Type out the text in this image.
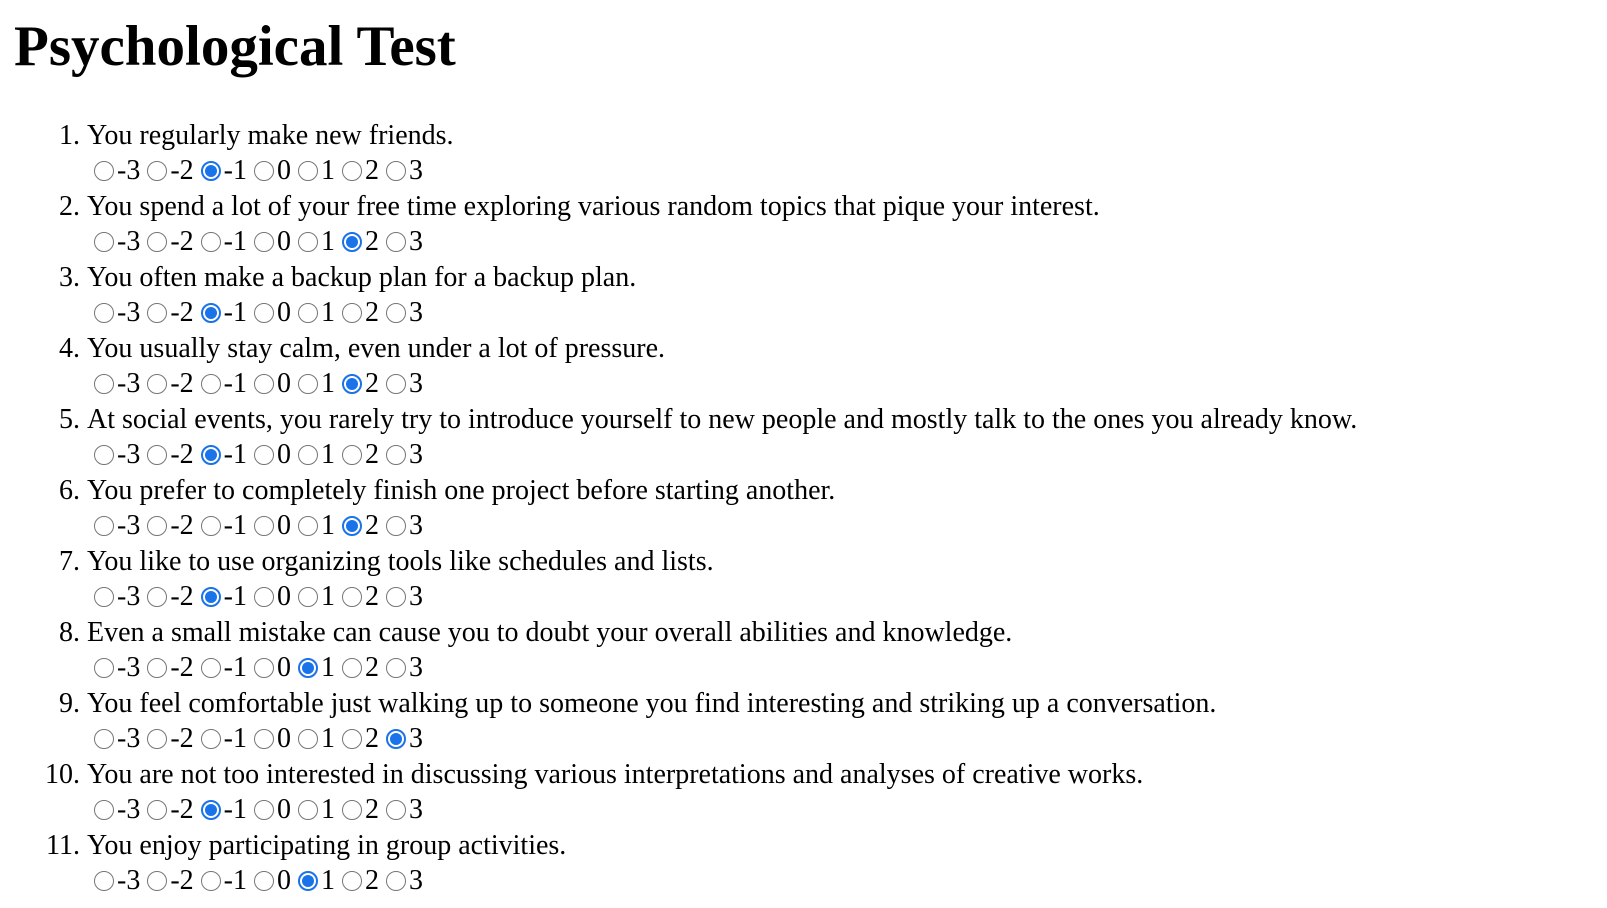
Psychological Test
1. You regularly make new friends.
-3 -2 -1 0 1 2 3
2. You spend a lot of your free time exploring various random topics that pique your interest.
-3 -2 -1 0 1 2 3
3. You often make a backup plan for a backup plan.
-3 -2 -1 0 1 2 3
4. You usually stay calm, even under a lot of pressure.
-3 -2 -1 0 1 2 3
5. At social events, you rarely try to introduce yourself to new people and mostly talk to the ones you already know.
-3 -2 -1 0 1 2 3
6. You prefer to completely finish one project before starting another.
-3 -2 -1 0 1 2 3
7. You like to use organizing tools like schedules and lists.
-3 -2 -1 0 1 2 3
8. Even a small mistake can cause you to doubt your overall abilities and knowledge.
-3 -2 -1 0 1 2 3
9. You feel comfortable just walking up to someone you find interesting and striking up a conversation.
-3 -2 -1 0 1 2 3
10. You are not too interested in discussing various interpretations and analyses of creative works.
-3 -2 -1 0 1 2 3
11. You enjoy participating in group activities.
-3 -2 -1 0 1 2 3
